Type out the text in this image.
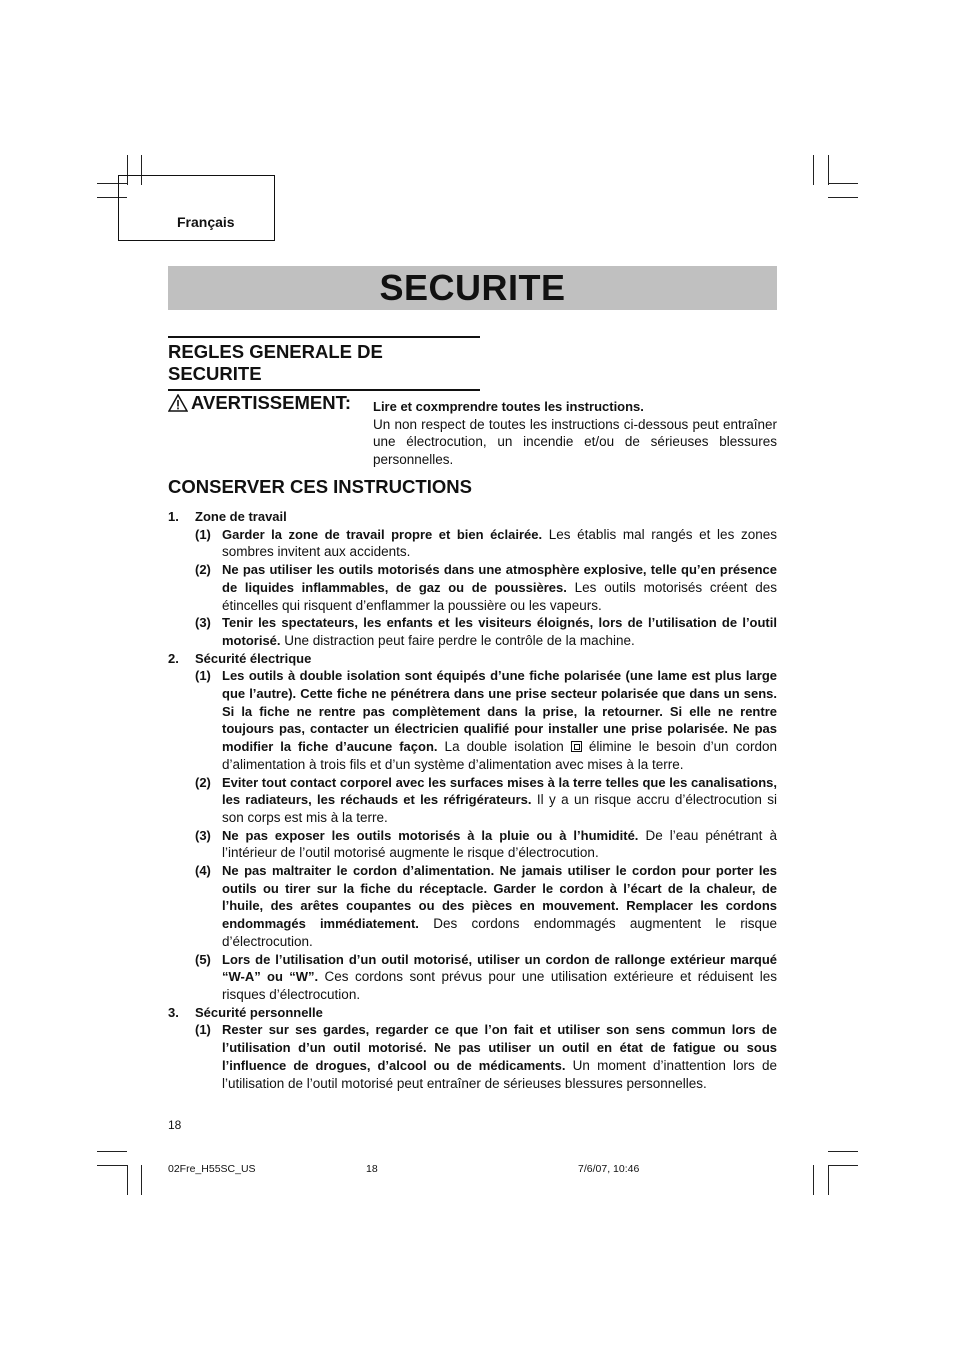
Français
SECURITE
REGLES GENERALE DE SECURITE
AVERTISSEMENT: Lire et coxmprendre toutes les instructions.
Un non respect de toutes les instructions ci-dessous peut entraîner une électrocution, un incendie et/ou de sérieuses blessures personnelles.
CONSERVER CES INSTRUCTIONS
1. Zone de travail
(1) Garder la zone de travail propre et bien éclairée. Les établis mal rangés et les zones sombres invitent aux accidents.
(2) Ne pas utiliser les outils motorisés dans une atmosphère explosive, telle qu’en présence de liquides inflammables, de gaz ou de poussières. Les outils motorisés créent des étincelles qui risquent d’enflammer la poussière ou les vapeurs.
(3) Tenir les spectateurs, les enfants et les visiteurs éloignés, lors de l’utilisation de l’outil motorisé. Une distraction peut faire perdre le contrôle de la machine.
2. Sécurité électrique
(1) Les outils à double isolation sont équipés d’une fiche polarisée (une lame est plus large que l’autre). Cette fiche ne pénétrera dans une prise secteur polarisée que dans un sens. Si la fiche ne rentre pas complètement dans la prise, la retourner. Si elle ne rentre toujours pas, contacter un électricien qualifié pour installer une prise polarisée. Ne pas modifier la fiche d’aucune façon. La double isolation  élimine le besoin d’un cordon d’alimentation à trois fils et d’un système d’alimentation avec mises à la terre.
(2) Eviter tout contact corporel avec les surfaces mises à la terre telles que les canalisations, les radiateurs, les réchauds et les réfrigérateurs. Il y a un risque accru d’électrocution si son corps est mis à la terre.
(3) Ne pas exposer les outils motorisés à la pluie ou à l’humidité. De l’eau pénétrant à l’intérieur de l’outil motorisé augmente le risque d’électrocution.
(4) Ne pas maltraiter le cordon d’alimentation. Ne jamais utiliser le cordon pour porter les outils ou tirer sur la fiche du réceptacle. Garder le cordon à l’écart de la chaleur, de l’huile, des arêtes coupantes ou des pièces en mouvement. Remplacer les cordons endommagés immédiatement. Des cordons endommagés augmentent le risque d’électrocution.
(5) Lors de l’utilisation d’un outil motorisé, utiliser un cordon de rallonge extérieur marqué “W-A” ou “W”. Ces cordons sont prévus pour une utilisation extérieure et réduisent les risques d’électrocution.
3. Sécurité personnelle
(1) Rester sur ses gardes, regarder ce que l’on fait et utiliser son sens commun lors de l’utilisation d’un outil motorisé. Ne pas utiliser un outil en état de fatigue ou sous l’influence de drogues, d’alcool ou de médicaments. Un moment d’inattention lors de l’utilisation de l’outil motorisé peut entraîner de sérieuses blessures personnelles.
18
02Fre_H55SC_US	18	7/6/07, 10:46
